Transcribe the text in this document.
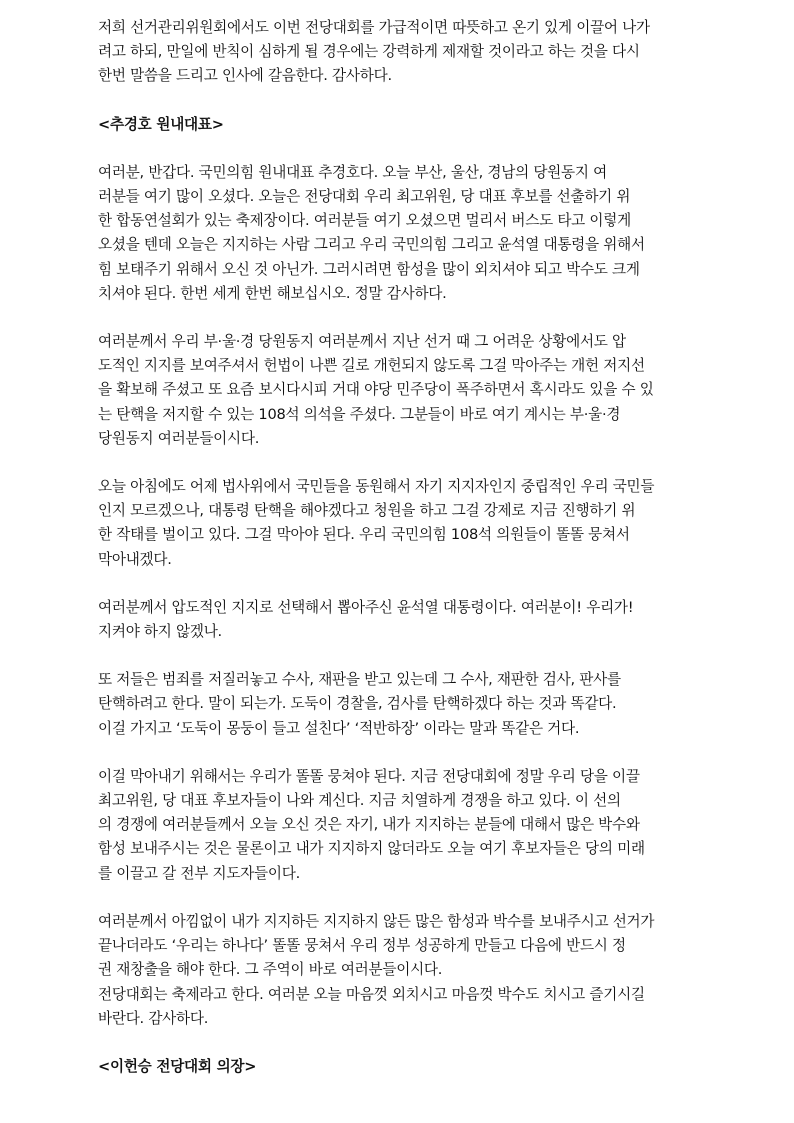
저희 선거관리위원회에서도 이번 전당대회를 가급적이면 따뜻하고 온기 있게 이끌어 나가
려고 하되, 만일에 반칙이 심하게 될 경우에는 강력하게 제재할 것이라고 하는 것을 다시
한번 말씀을 드리고 인사에 갈음한다. 감사하다.

<추경호 원내대표>

여러분, 반갑다. 국민의힘 원내대표 추경호다. 오늘 부산, 울산, 경남의 당원동지 여
러분들 여기 많이 오셨다. 오늘은 전당대회 우리 최고위원, 당 대표 후보를 선출하기 위
한 합동연설회가 있는 축제장이다. 여러분들 여기 오셨으면 멀리서 버스도 타고 이렇게
오셨을 텐데 오늘은 지지하는 사람 그리고 우리 국민의힘 그리고 윤석열 대통령을 위해서
힘 보태주기 위해서 오신 것 아닌가. 그러시려면 함성을 많이 외치셔야 되고 박수도 크게
치셔야 된다. 한번 세게 한번 해보십시오. 정말 감사하다.

여러분께서 우리 부·울·경 당원동지 여러분께서 지난 선거 때 그 어려운 상황에서도 압
도적인 지지를 보여주셔서 헌법이 나쁜 길로 개헌되지 않도록 그걸 막아주는 개헌 저지선
을 확보해 주셨고 또 요즘 보시다시피 거대 야당 민주당이 폭주하면서 혹시라도 있을 수 있
는 탄핵을 저지할 수 있는 108석 의석을 주셨다. 그분들이 바로 여기 계시는 부·울·경
당원동지 여러분들이시다.

오늘 아침에도 어제 법사위에서 국민들을 동원해서 자기 지지자인지 중립적인 우리 국민들
인지 모르겠으나, 대통령 탄핵을 해야겠다고 청원을 하고 그걸 강제로 지금 진행하기 위
한 작태를 벌이고 있다. 그걸 막아야 된다. 우리 국민의힘 108석 의원들이 똘똘 뭉쳐서
막아내겠다.

여러분께서 압도적인 지지로 선택해서 뽑아주신 윤석열 대통령이다. 여러분이! 우리가!
지켜야 하지 않겠나.

또 저들은 범죄를 저질러놓고 수사, 재판을 받고 있는데 그 수사, 재판한 검사, 판사를
탄핵하려고 한다. 말이 되는가. 도둑이 경찰을, 검사를 탄핵하겠다 하는 것과 똑같다.
이걸 가지고 ‘도둑이 몽둥이 들고 설친다’ ‘적반하장’ 이라는 말과 똑같은 거다.

이걸 막아내기 위해서는 우리가 똘똘 뭉쳐야 된다. 지금 전당대회에 정말 우리 당을 이끌
최고위원, 당 대표 후보자들이 나와 계신다. 지금 치열하게 경쟁을 하고 있다. 이 선의
의 경쟁에 여러분들께서 오늘 오신 것은 자기, 내가 지지하는 분들에 대해서 많은 박수와
함성 보내주시는 것은 물론이고 내가 지지하지 않더라도 오늘 여기 후보자들은 당의 미래
를 이끌고 갈 전부 지도자들이다.

여러분께서 아낌없이 내가 지지하든 지지하지 않든 많은 함성과 박수를 보내주시고 선거가
끝나더라도 ‘우리는 하나다’ 똘똘 뭉쳐서 우리 정부 성공하게 만들고 다음에 반드시 정
권 재창출을 해야 한다. 그 주역이 바로 여러분들이시다.
전당대회는 축제라고 한다. 여러분 오늘 마음껏 외치시고 마음껏 박수도 치시고 즐기시길
바란다. 감사하다.

<이헌승 전당대회 의장>
